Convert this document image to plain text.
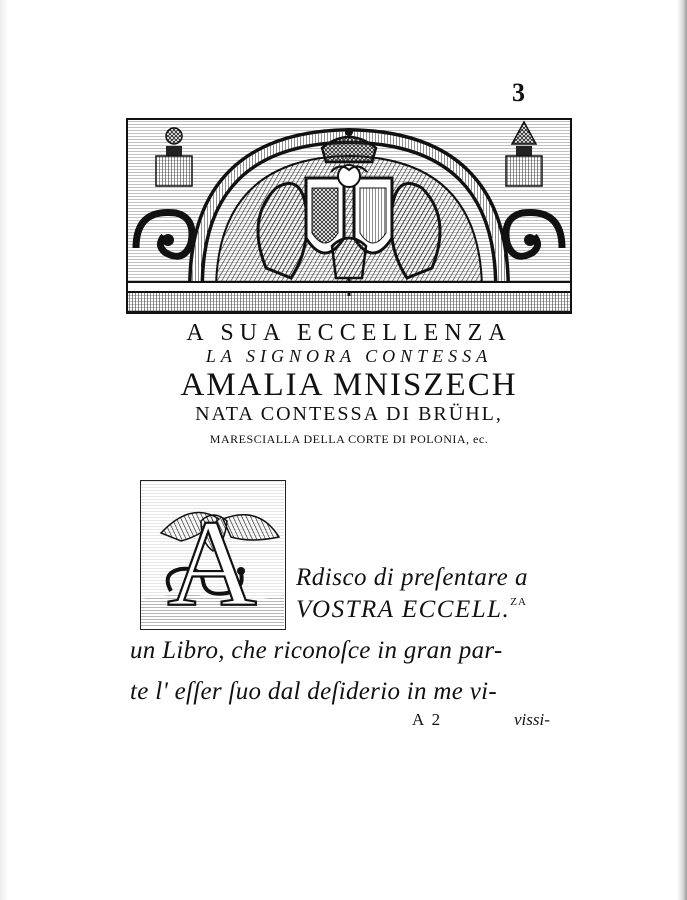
3
A SUA ECCELLENZA
LA SIGNORA CONTESSA
AMALIA MNISZECH
NATA CONTESSA DI BRÜHL,
MARESCIALLA DELLA CORTE DI POLONIA, ec.
A Rdisco di preſentare a
VOSTRA ECCELL.$^{ZA}$
un Libro, che riconoſce in gran par-
te l' eſſer ſuo dal deſiderio in me vi-
A 2	vissi-
